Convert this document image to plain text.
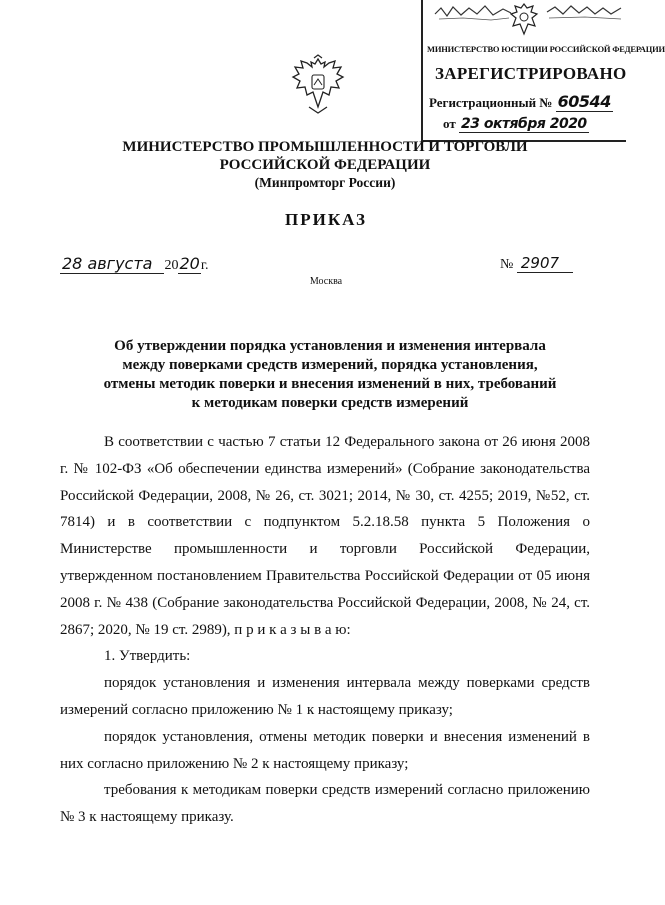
МИНИСТЕРСТВО ЮСТИЦИИ РОССИЙСКОЙ ФЕДЕРАЦИИ
ЗАРЕГИСТРИРОВАНО
Регистрационный № 60544
от 23 октября 2020
МИНИСТЕРСТВО ПРОМЫШЛЕННОСТИ И ТОРГОВЛИ
РОССИЙСКОЙ ФЕДЕРАЦИИ
(Минпромторг России)
ПРИКАЗ
28 августа 2020г.	№ 2907
Москва
Об утверждении порядка установления и изменения интервала между поверками средств измерений, порядка установления, отмены методик поверки и внесения изменений в них, требований к методикам поверки средств измерений

В соответствии с частью 7 статьи 12 Федерального закона от 26 июня 2008 г. № 102-ФЗ «Об обеспечении единства измерений» (Собрание законодательства Российской Федерации, 2008, № 26, ст. 3021; 2014, № 30, ст. 4255; 2019, №52, ст. 7814) и в соответствии с подпунктом 5.2.18.58 пункта 5 Положения о Министерстве промышленности и торговли Российской Федерации, утвержденном постановлением Правительства Российской Федерации от 05 июня 2008 г. № 438 (Собрание законодательства Российской Федерации, 2008, № 24, ст. 2867; 2020, № 19 ст. 2989), п р и к а з ы в а ю:

1. Утвердить:

порядок установления и изменения интервала между поверками средств измерений согласно приложению № 1 к настоящему приказу;

порядок установления, отмены методик поверки и внесения изменений в них согласно приложению № 2 к настоящему приказу;

требования к методикам поверки средств измерений согласно приложению № 3 к настоящему приказу.
